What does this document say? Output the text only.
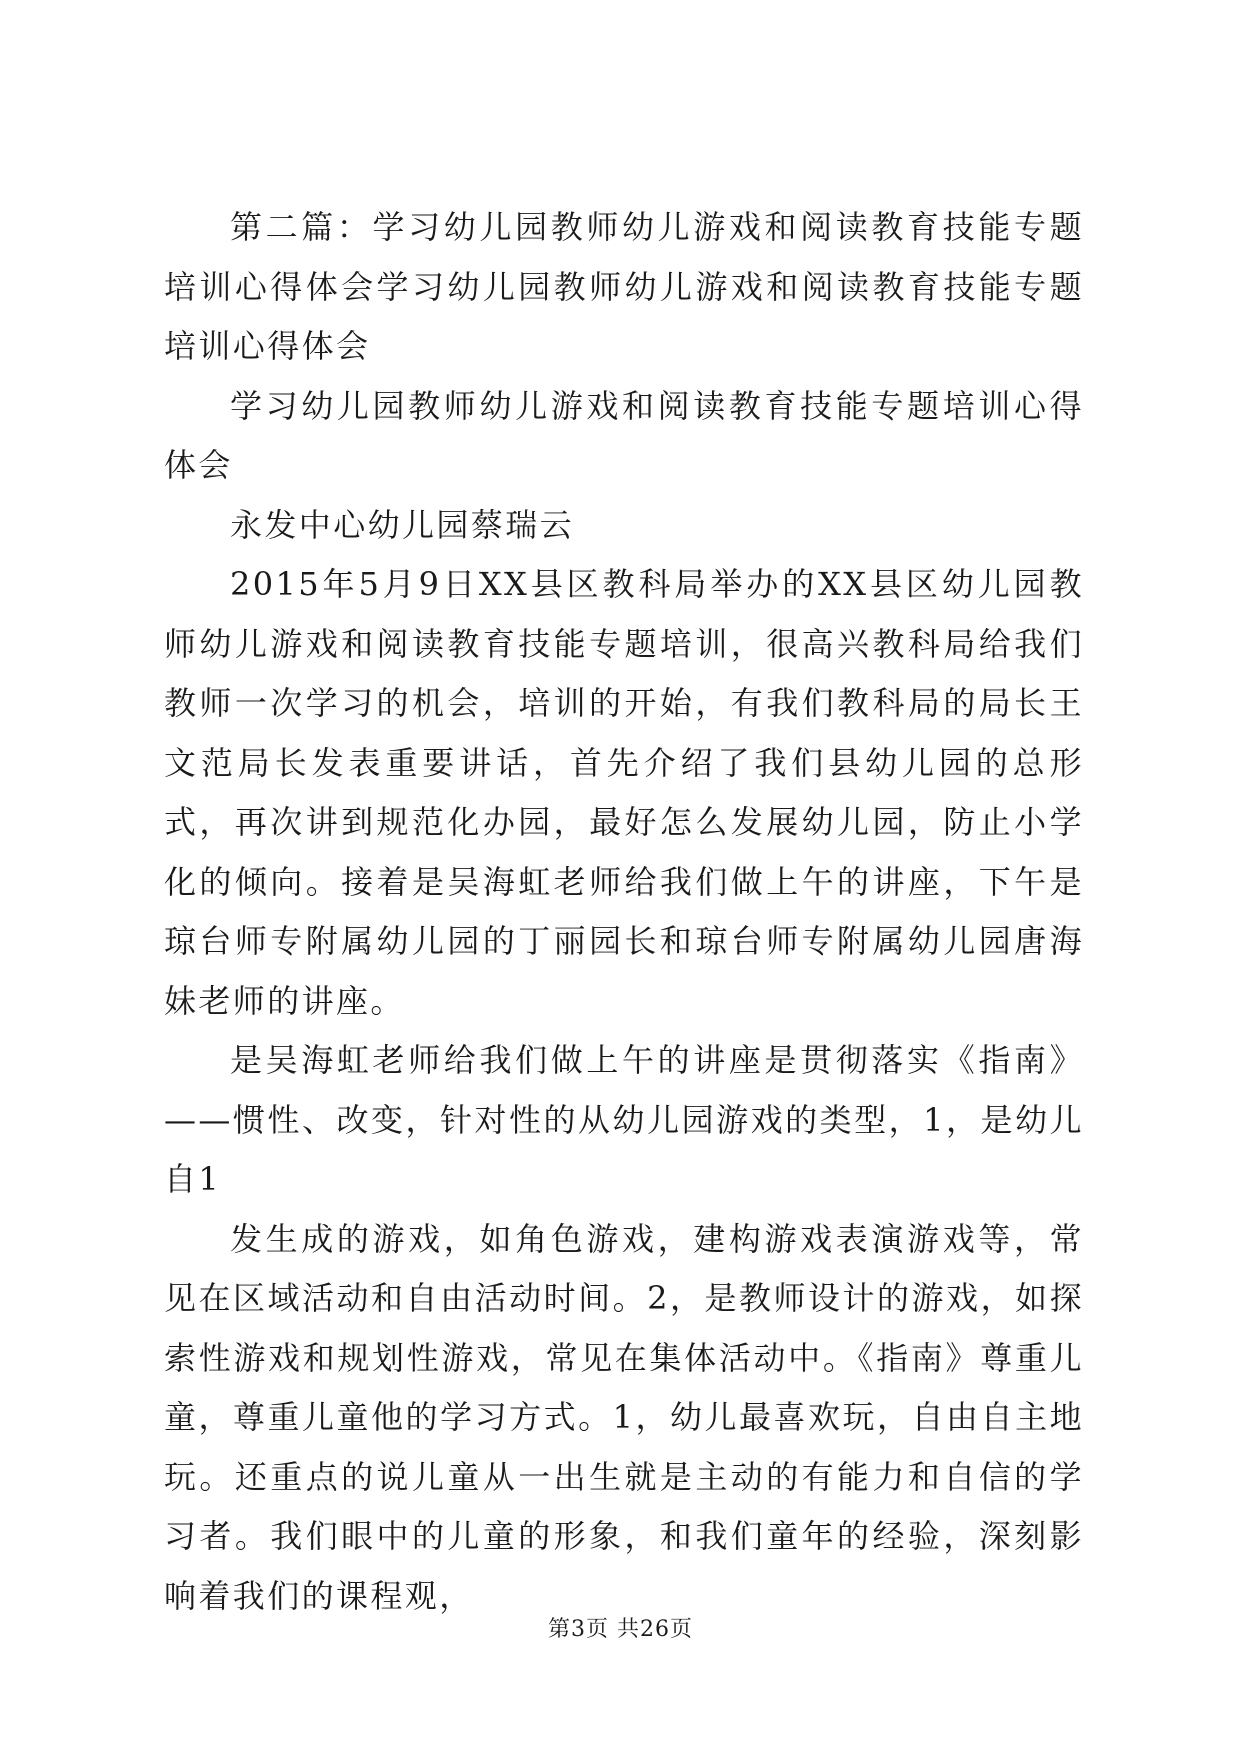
第二篇：学习幼儿园教师幼儿游戏和阅读教育技能专题培训心得体会学习幼儿园教师幼儿游戏和阅读教育技能专题培训心得体会

学习幼儿园教师幼儿游戏和阅读教育技能专题培训心得体会

永发中心幼儿园蔡瑞云

2015年5月9日XX县区教科局举办的XX县区幼儿园教师幼儿游戏和阅读教育技能专题培训，很高兴教科局给我们教师一次学习的机会，培训的开始，有我们教科局的局长王文范局长发表重要讲话，首先介绍了我们县幼儿园的总形式，再次讲到规范化办园，最好怎么发展幼儿园，防止小学化的倾向。接着是吴海虹老师给我们做上午的讲座，下午是琼台师专附属幼儿园的丁丽园长和琼台师专附属幼儿园唐海妹老师的讲座。

是吴海虹老师给我们做上午的讲座是贯彻落实《指南》——惯性、改变，针对性的从幼儿园游戏的类型，1，是幼儿自1

发生成的游戏，如角色游戏，建构游戏表演游戏等，常见在区域活动和自由活动时间。2，是教师设计的游戏，如探索性游戏和规划性游戏，常见在集体活动中。《指南》尊重儿童，尊重儿童他的学习方式。1，幼儿最喜欢玩，自由自主地玩。还重点的说儿童从一出生就是主动的有能力和自信的学习者。我们眼中的儿童的形象，和我们童年的经验，深刻影响着我们的课程观，

第3页 共26页
